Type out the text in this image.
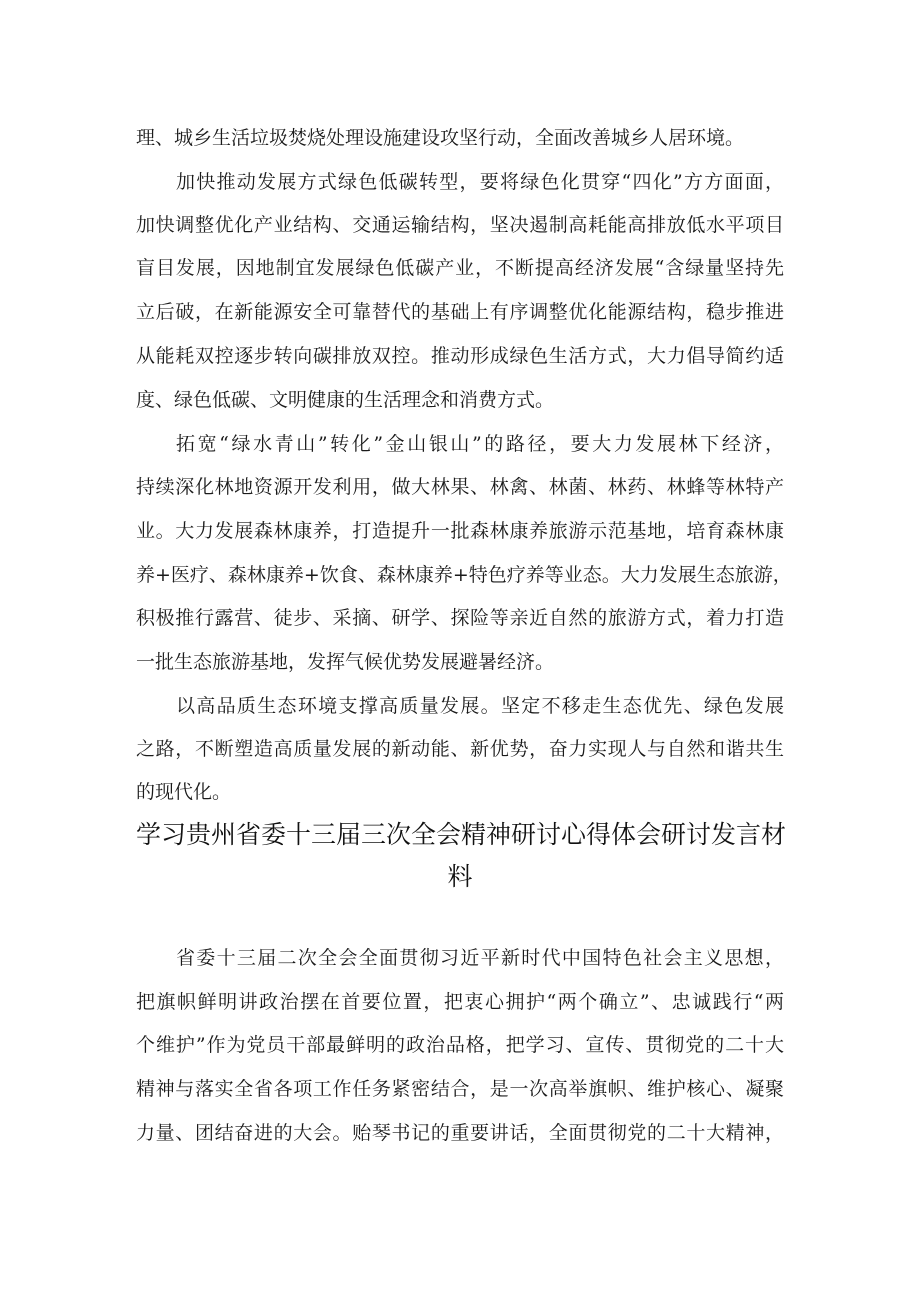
理、城乡生活垃圾焚烧处理设施建设攻坚行动，全面改善城乡人居环境。
加快推动发展方式绿色低碳转型，要将绿色化贯穿“四化”方方面面，
加快调整优化产业结构、交通运输结构，坚决遏制高耗能高排放低水平项目
盲目发展，因地制宜发展绿色低碳产业，不断提高经济发展“含绿量坚持先
立后破，在新能源安全可靠替代的基础上有序调整优化能源结构，稳步推进
从能耗双控逐步转向碳排放双控。推动形成绿色生活方式，大力倡导简约适
度、绿色低碳、文明健康的生活理念和消费方式。
拓宽“绿水青山”转化”金山银山”的路径，要大力发展林下经济，
持续深化林地资源开发利用，做大林果、林禽、林菌、林药、林蜂等林特产
业。大力发展森林康养，打造提升一批森林康养旅游示范基地，培育森林康
养+医疗、森林康养+饮食、森林康养+特色疗养等业态。大力发展生态旅游，
积极推行露营、徒步、采摘、研学、探险等亲近自然的旅游方式，着力打造
一批生态旅游基地，发挥气候优势发展避暑经济。
以高品质生态环境支撑高质量发展。坚定不移走生态优先、绿色发展
之路，不断塑造高质量发展的新动能、新优势，奋力实现人与自然和谐共生
的现代化。
学习贵州省委十三届三次全会精神研讨心得体会研讨发言材
料
省委十三届二次全会全面贯彻习近平新时代中国特色社会主义思想，
把旗帜鲜明讲政治摆在首要位置，把衷心拥护“两个确立”、忠诚践行“两
个维护”作为党员干部最鲜明的政治品格，把学习、宣传、贯彻党的二十大
精神与落实全省各项工作任务紧密结合，是一次高举旗帜、维护核心、凝聚
力量、团结奋进的大会。贻琴书记的重要讲话，全面贯彻党的二十大精神，
